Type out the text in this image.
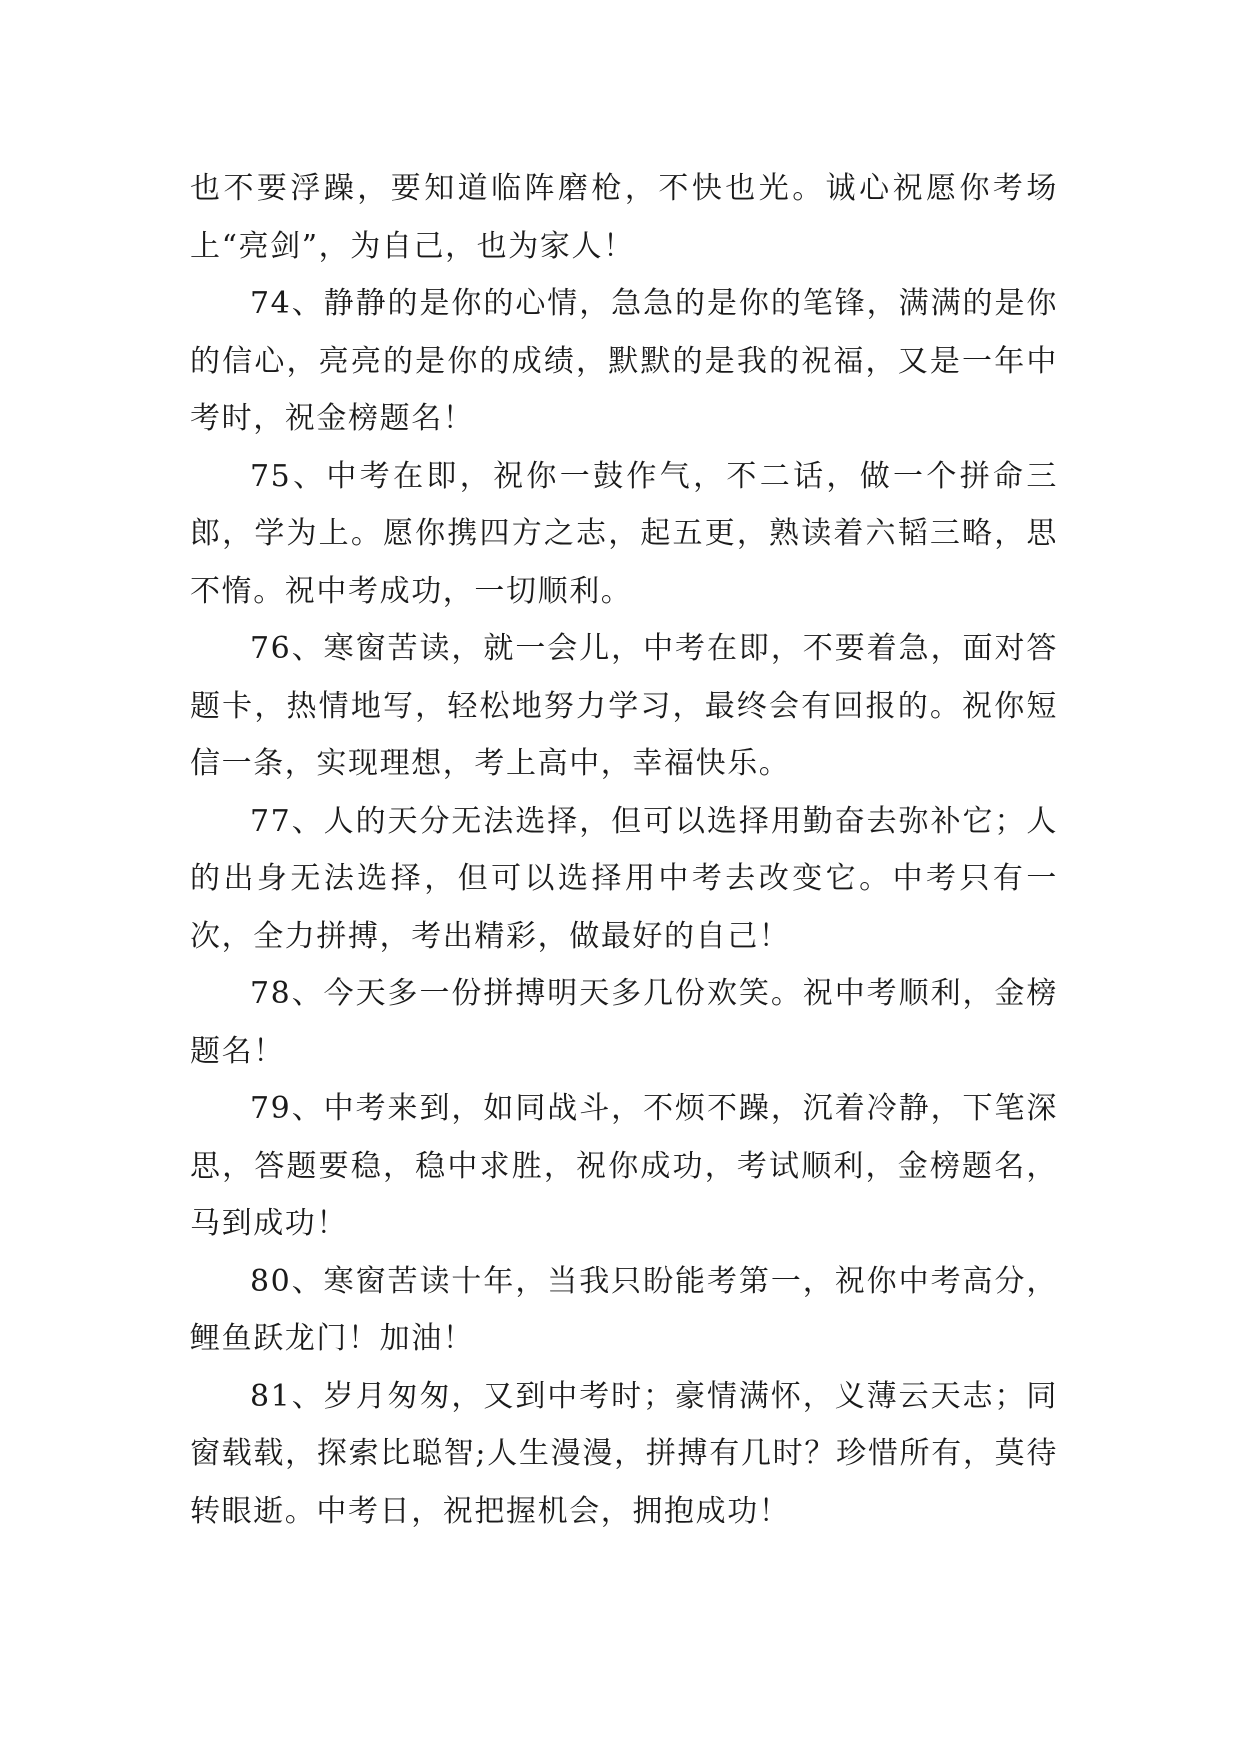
也不要浮躁，要知道临阵磨枪，不快也光。诚心祝愿你考场上“亮剑”，为自己，也为家人！

74、静静的是你的心情，急急的是你的笔锋，满满的是你的信心，亮亮的是你的成绩，默默的是我的祝福，又是一年中考时，祝金榜题名！

75、中考在即，祝你一鼓作气，不二话，做一个拼命三郎，学为上。愿你携四方之志，起五更，熟读着六韬三略，思不惰。祝中考成功，一切顺利。

76、寒窗苦读，就一会儿，中考在即，不要着急，面对答题卡，热情地写，轻松地努力学习，最终会有回报的。祝你短信一条，实现理想，考上高中，幸福快乐。

77、人的天分无法选择，但可以选择用勤奋去弥补它；人的出身无法选择，但可以选择用中考去改变它。中考只有一次，全力拼搏，考出精彩，做最好的自己！

78、今天多一份拼搏明天多几份欢笑。祝中考顺利，金榜题名！

79、中考来到，如同战斗，不烦不躁，沉着冷静，下笔深思，答题要稳，稳中求胜，祝你成功，考试顺利，金榜题名，马到成功！

80、寒窗苦读十年，当我只盼能考第一，祝你中考高分，鲤鱼跃龙门！加油！

81、岁月匆匆，又到中考时；豪情满怀，义薄云天志；同窗载载，探索比聪智;人生漫漫，拼搏有几时？珍惜所有，莫待转眼逝。中考日，祝把握机会，拥抱成功！
